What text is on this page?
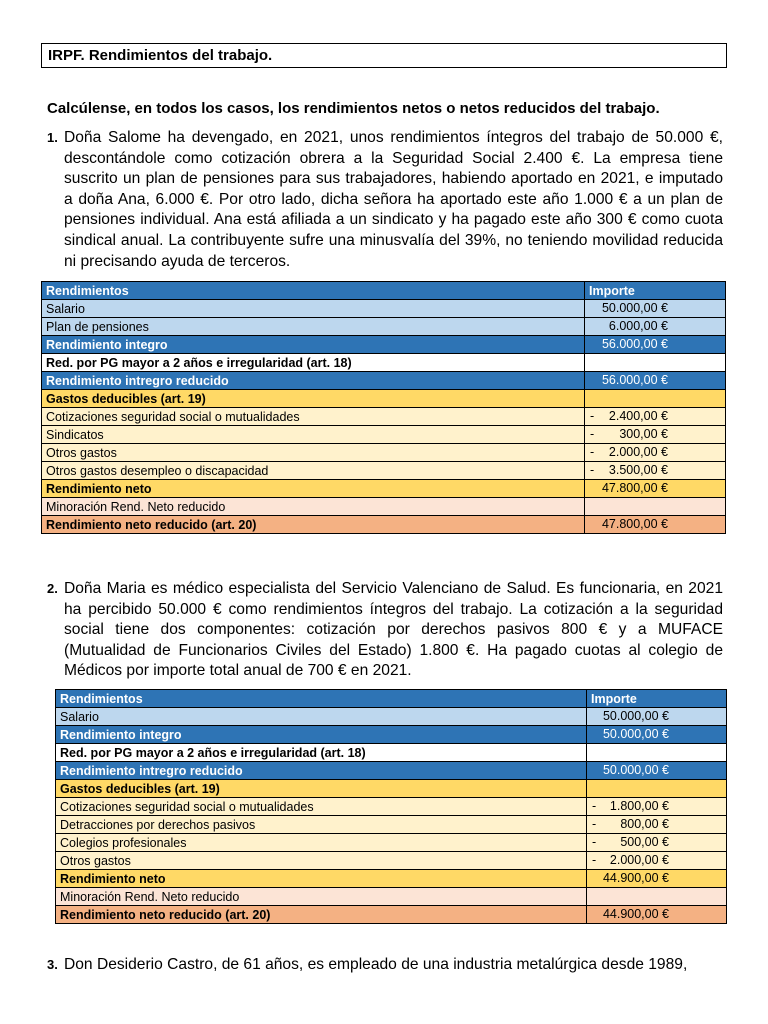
IRPF. Rendimientos del trabajo.
Calcúlense, en todos los casos, los rendimientos netos o netos reducidos del trabajo.
1. Doña Salome ha devengado, en 2021, unos rendimientos íntegros del trabajo de 50.000 €, descontándole como cotización obrera a la Seguridad Social 2.400 €. La empresa tiene suscrito un plan de pensiones para sus trabajadores, habiendo aportado en 2021, e imputado a doña Ana, 6.000 €. Por otro lado, dicha señora ha aportado este año 1.000 € a un plan de pensiones individual. Ana está afiliada a un sindicato y ha pagado este año 300 € como cuota sindical anual. La contribuyente sufre una minusvalía del 39%, no teniendo movilidad reducida ni precisando ayuda de terceros.
Rendimientos	Importe
Salario	50.000,00 €

Plan de pensiones	6.000,00 €

Rendimiento integro	56.000,00 €

Red. por PG mayor a 2 años e irregularidad (art. 18)	

Rendimiento intregro reducido	56.000,00 €

Gastos deducibles (art. 19)	

Cotizaciones seguridad social o mutualidades	- 2.400,00 €

Sindicatos	- 300,00 €

Otros gastos	- 2.000,00 €

Otros gastos desempleo o discapacidad	- 3.500,00 €

Rendimiento neto	47.800,00 €

Minoración Rend. Neto reducido	

Rendimiento neto reducido (art. 20)	47.800,00 €
2. Doña Maria es médico especialista del Servicio Valenciano de Salud. Es funcionaria, en 2021 ha percibido 50.000 € como rendimientos íntegros del trabajo. La cotización a la seguridad social tiene dos componentes: cotización por derechos pasivos 800 € y a MUFACE (Mutualidad de Funcionarios Civiles del Estado) 1.800 €. Ha pagado cuotas al colegio de Médicos por importe total anual de 700 € en 2021.
Rendimientos	Importe
Salario	50.000,00 €

Rendimiento integro	50.000,00 €

Red. por PG mayor a 2 años e irregularidad (art. 18)	

Rendimiento intregro reducido	50.000,00 €

Gastos deducibles (art. 19)	

Cotizaciones seguridad social o mutualidades	- 1.800,00 €

Detracciones por derechos pasivos	- 800,00 €

Colegios profesionales	- 500,00 €

Otros gastos	- 2.000,00 €

Rendimiento neto	44.900,00 €

Minoración Rend. Neto reducido	

Rendimiento neto reducido (art. 20)	44.900,00 €
3. Don Desiderio Castro, de 61 años, es empleado de una industria metalúrgica desde 1989,
